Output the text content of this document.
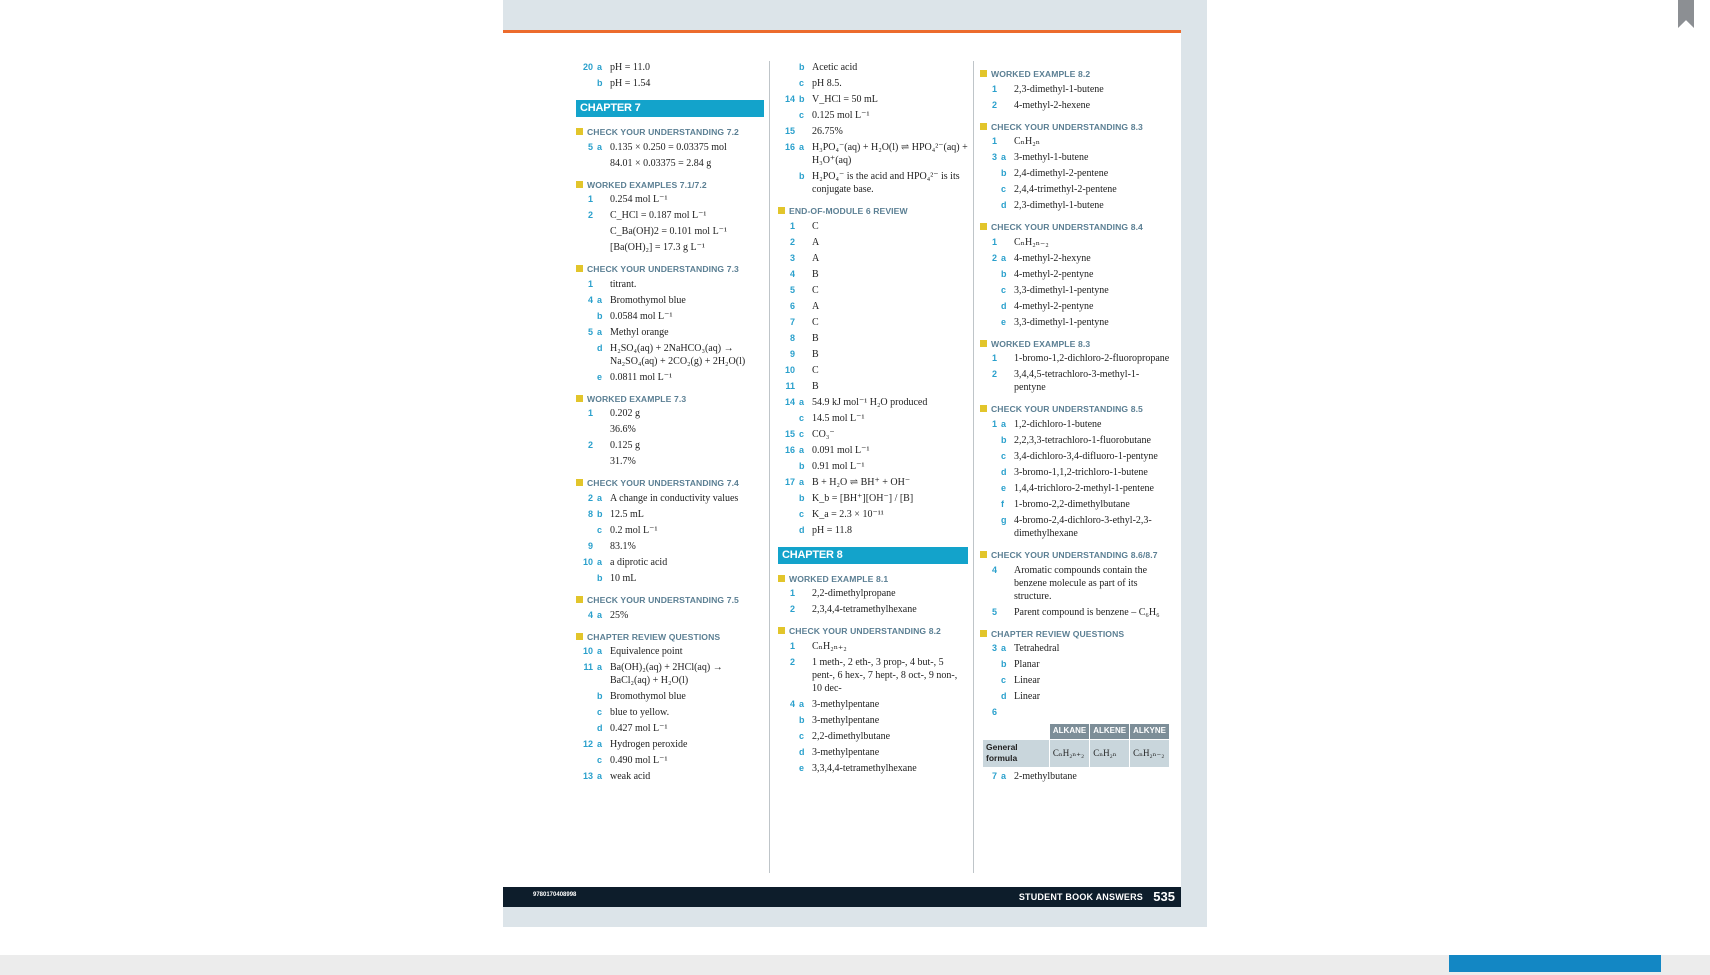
20 a pH = 11.0
b pH = 1.54
CHAPTER 7
CHECK YOUR UNDERSTANDING 7.2
5 a 0.135 × 0.250 = 0.03375 mol
84.01 × 0.03375 = 2.84 g
WORKED EXAMPLES 7.1/7.2
1	0.254 mol L⁻¹
2	C_HCl = 0.187 mol L⁻¹
C_Ba(OH)2 = 0.101 mol L⁻¹
[Ba(OH)₂] = 17.3 g L⁻¹
CHECK YOUR UNDERSTANDING 7.3
1	titrant.
4 a Bromothymol blue
b 0.0584 mol L⁻¹
5 a Methyl orange
d H₂SO₄(aq) + 2NaHCO₃(aq) → Na₂SO₄(aq) + 2CO₂(g) + 2H₂O(l)
e 0.0811 mol L⁻¹
WORKED EXAMPLE 7.3
1	0.202 g
36.6%
2	0.125 g
31.7%
CHECK YOUR UNDERSTANDING 7.4
2 a A change in conductivity values
8 b 12.5 mL
c 0.2 mol L⁻¹
9	83.1%
10 a a diprotic acid
b 10 mL
CHECK YOUR UNDERSTANDING 7.5
4 a 25%
CHAPTER REVIEW QUESTIONS
10 a Equivalence point
11 a Ba(OH)₂(aq) + 2HCl(aq) → BaCl₂(aq) + H₂O(l)
b Bromothymol blue
c blue to yellow.
d 0.427 mol L⁻¹
12 a Hydrogen peroxide
c 0.490 mol L⁻¹
13 a weak acid
b Acetic acid
c pH 8.5.
14 b V_HCl = 50 mL
c 0.125 mol L⁻¹
15	26.75%
16 a H₃PO₄⁻(aq) + H₂O(l) ⇌ HPO₄²⁻(aq) + H₃O⁺(aq)
b H₂PO₄⁻ is the acid and HPO₄²⁻ is its conjugate base.
END-OF-MODULE 6 REVIEW
1	C
2	A
3	A
4	B
5	C
6	A
7	C
8	B
9	B
10	C
11	B
14 a 54.9 kJ mol⁻¹ H₂O produced
c 14.5 mol L⁻¹
15 c CO₃⁻
16 a 0.091 mol L⁻¹
b 0.91 mol L⁻¹
17 a B + H₂O ⇌ BH⁺ + OH⁻
b K_b = [BH⁺][OH⁻] / [B]
c K_a = 2.3 × 10⁻¹¹
d pH = 11.8
CHAPTER 8
WORKED EXAMPLE 8.1
1	2,2-dimethylpropane
2	2,3,4,4-tetramethylhexane
CHECK YOUR UNDERSTANDING 8.2
1	CₙH₂ₙ₊₂
2	1 meth-, 2 eth-, 3 prop-, 4 but-, 5 pent-, 6 hex-, 7 hept-, 8 oct-, 9 non-, 10 dec-
4 a 3-methylpentane
b 3-methylpentane
c 2,2-dimethylbutane
d 3-methylpentane
e 3,3,4,4-tetramethylhexane
WORKED EXAMPLE 8.2
1	2,3-dimethyl-1-butene
2	4-methyl-2-hexene
CHECK YOUR UNDERSTANDING 8.3
1	CₙH₂ₙ
3 a 3-methyl-1-butene
b 2,4-dimethyl-2-pentene
c 2,4,4-trimethyl-2-pentene
d 2,3-dimethyl-1-butene
CHECK YOUR UNDERSTANDING 8.4
1	CₙH₂ₙ₋₂
2 a 4-methyl-2-hexyne
b 4-methyl-2-pentyne
c 3,3-dimethyl-1-pentyne
d 4-methyl-2-pentyne
e 3,3-dimethyl-1-pentyne
WORKED EXAMPLE 8.3
1	1-bromo-1,2-dichloro-2-fluoropropane
2	3,4,4,5-tetrachloro-3-methyl-1-pentyne
CHECK YOUR UNDERSTANDING 8.5
1 a 1,2-dichloro-1-butene
b 2,2,3,3-tetrachloro-1-fluorobutane
c 3,4-dichloro-3,4-difluoro-1-pentyne
d 3-bromo-1,1,2-trichloro-1-butene
e 1,4,4-trichloro-2-methyl-1-pentene
f	1-bromo-2,2-dimethylbutane
g 4-bromo-2,4-dichloro-3-ethyl-2,3-dimethylhexane
CHECK YOUR UNDERSTANDING 8.6/8.7
4	Aromatic compounds contain the benzene molecule as part of its structure.
5	Parent compound is benzene – C₆H₆
CHAPTER REVIEW QUESTIONS
3 a Tetrahedral
b Planar
c Linear
d Linear
6
	ALKANE	ALKENE	ALKYNE
General formula	CₙH₂ₙ₊₂	CₙH₂ₙ	CₙH₂ₙ₋₂
7 a 2-methylbutane
9780170408998	STUDENT BOOK ANSWERS 535
